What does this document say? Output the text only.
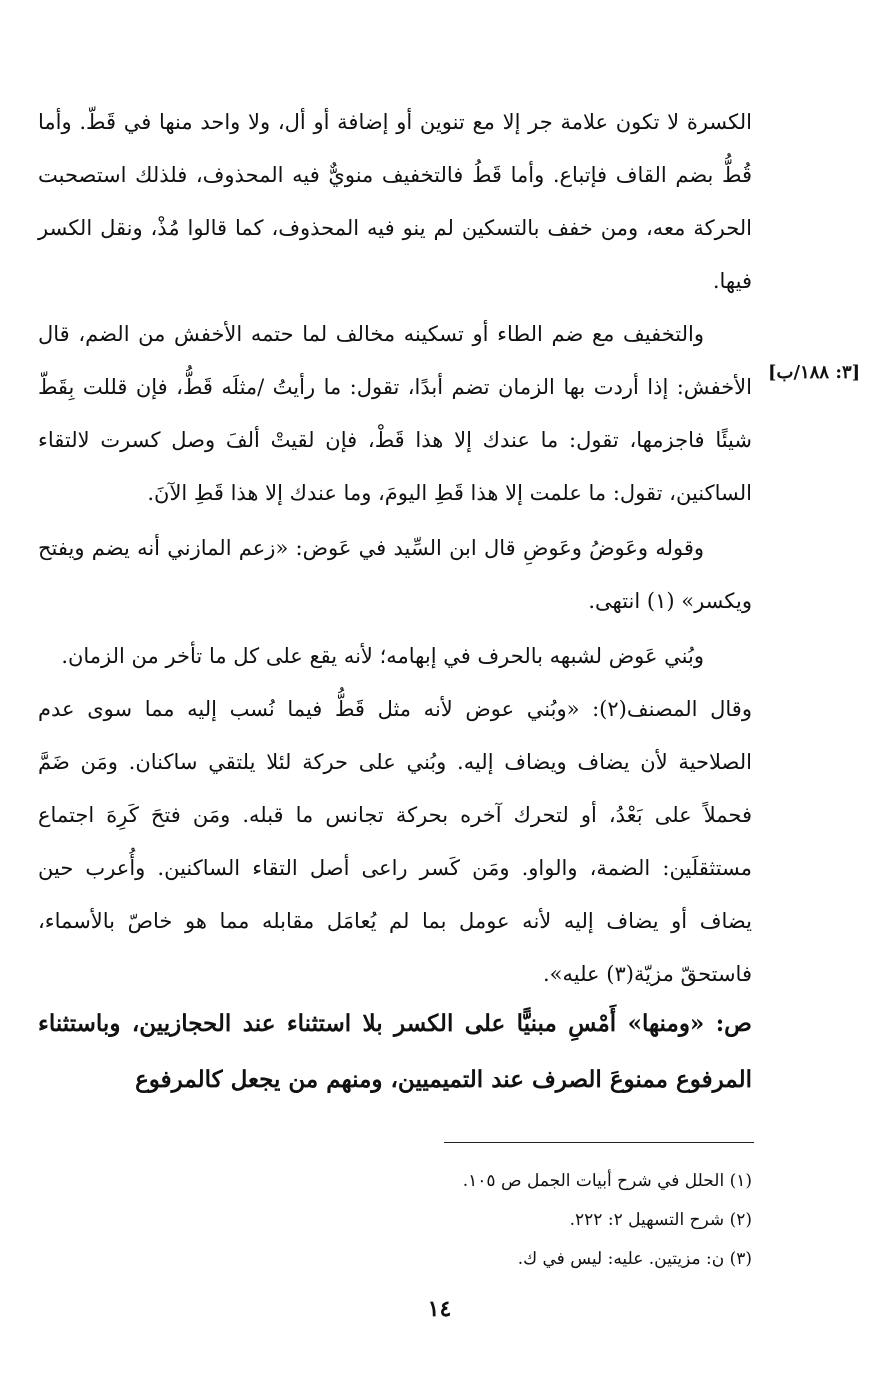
الكسرة لا تكون علامة جر إلا مع تنوين أو إضافة أو أل، ولا واحد منها في قَطّ. وأما قُطُّ بضم القاف فإتباع. وأما قَطُ فالتخفيف منويٌّ فيه المحذوف، فلذلك استصحبت الحركة معه، ومن خفف بالتسكين لم ينو فيه المحذوف، كما قالوا مُذْ، ونقل الكسر فيها.

والتخفيف مع ضم الطاء أو تسكينه مخالف لما حتمه الأخفش من الضم، قال الأخفش: إذا أردت بها الزمان تضم أبدًا، تقول: ما رأيتُ /مثلَه قَطُّ، فإن قللت بِقَطّ شيئًا فاجزمها، تقول: ما عندك إلا هذا قَطْ، فإن لقيتْ ألفَ وصل كسرت لالتقاء الساكنين، تقول: ما علمت إلا هذا قَطِ اليومَ، وما عندك إلا هذا قَطِ الآنَ.

[٣: ١٨٨/ب]

وقوله وعَوضُ وعَوضِ قال ابن السِّيد في عَوض: «زعم المازني أنه يضم ويفتح ويكسر» (١) انتهى.

وبُني عَوض لشبهه بالحرف في إبهامه؛ لأنه يقع على كل ما تأخر من الزمان.

وقال المصنف(٢): «وبُني عوض لأنه مثل قَطُّ فيما نُسب إليه مما سوى عدم الصلاحية لأن يضاف ويضاف إليه. وبُني على حركة لئلا يلتقي ساكنان. ومَن ضَمَّ فحملاً على بَعْدُ، أو لتحرك آخره بحركة تجانس ما قبله. ومَن فتحَ كَرِهَ اجتماع مستثقلَين: الضمة، والواو. ومَن كَسر راعى أصل التقاء الساكنين. وأُعرب حين يضاف أو يضاف إليه لأنه عومل بما لم يُعامَل مقابله مما هو خاصّ بالأسماء، فاستحقّ مزيّة(٣) عليه».

ص: «ومنها» أَمْسِ مبنيًّا على الكسر بلا استثناء عند الحجازيين، وباستثناء المرفوع ممنوعَ الصرف عند التميميين، ومنهم من يجعل كالمرفوع

(١) الحلل في شرح أبيات الجمل ص ١٠٥.
(٢) شرح التسهيل ٢: ٢٢٢.
(٣) ن: مزيتين. عليه: ليس في ك.
١٤
